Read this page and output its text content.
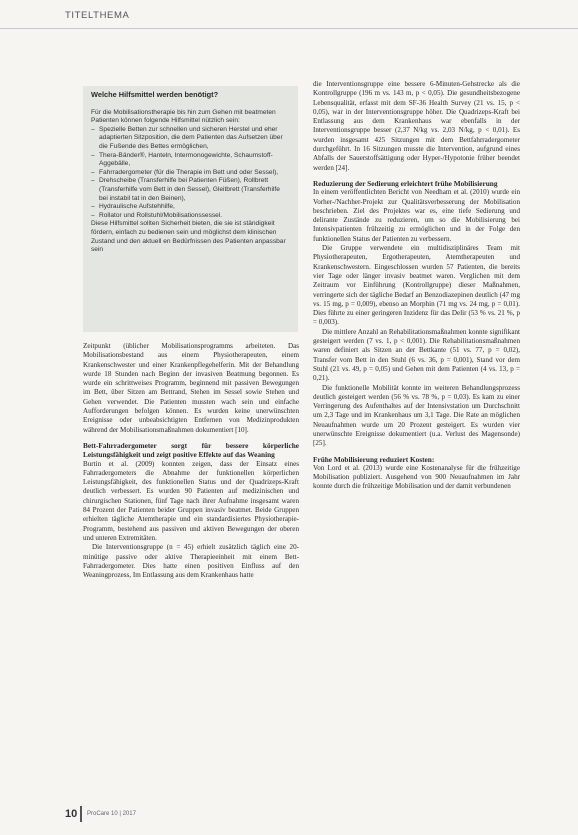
TITELTHEMA
Welche Hilfsmittel werden benötigt?
Für die Mobilisationstherapie bis hin zum Gehen mit beatmeten Patienten können folgende Hilfsmittel nützlich sein:
– Spezielle Betten zur schnellen und sicheren Herstel und eher adaptierten Sitzposition, die dem Patienten das Aufsetzen über die Fußende des Bettes ermöglichen,
– Thera-Bänder®, Hanteln, Intermonogewichte, Schaumstoff-Aggebälle,
– Fahrradergometer (für die Therapie im Bett und oder Sessel),
– Drehscheibe (Transferhilfe bei Patienten Füßen), Rollbrett (Transferhilfe vom Bett in den Sessel), Gleitbrett (Transferhilfe bei instabil tat in den Beinen),
– Hydraulische Aufstehhilfe,
– Rollator und Rollstuhl/Mobilisationssessel.
Diese Hilfsmittel sollten Sicherheit bieten, die sie ist ständigkeit fördern, einfach zu bedienen sein und möglichst dem klinischen Zustand und den aktuell en Bedürfnissen des Patienten anpassbar sein

Zeitpunkt (üblicher Mobilisationsprogramms arbeiteten. Das Mobilisationsbestand aus einem Physiotherapeuten, einem Krankenschwester und einer Krankenpflegehelferin. Mit der Behandlung wurde 18 Stunden nach Beginn der invasiven Beatmung begonnen. Es wurde ein schrittweises Programm, beginnend mit passiven Bewegungen im Bett, über Sitzen am Bettrand, Stehen im Sessel sowie Stehen und Gehen verwendet. Die Patienten mussten wach sein und einfache Aufforderungen befolgen können. Es wurden keine unerwünschten Ereignisse oder unbeabsichtigten Entfernen von Medizinprodukten während der Mobilisationsmaßnahmen dokumentiert [10].

Bett-Fahrradergometer sorgt für bessere körperliche Leistungsfähigkeit und zeigt positive Effekte auf das Weaning

Burtin et al. (2009) konnten zeigen, dass der Einsatz eines Fahrradergometers die Abnahme der funktionellen körperlichen Leistungsfähigkeit, des funktionellen Status und der Quadrizeps-Kraft deutlich verbessert. Es wurden 90 Patienten auf medizinischen und chirurgischen Stationen, fünf Tage nach ihrer Aufnahme insgesamt waren 84 Prozent der Patienten beider Gruppen invasiv beatmet. Beide Gruppen erhielten tägliche Atemtherapie und ein standardisiertes Physiotherapie-Programm, bestehend aus passiven und aktiven Bewegungen der oberen und unteren Extremitäten.

Die Interventionsgruppe (n = 45) erhielt zusätzlich täglich eine 20-minütige passive oder aktive Therapieeinheit mit einem Bett-Fahrradergometer. Dies hatte einen positiven Einfluss auf den Weaningprozess, Im Entlassung aus dem Krankenhaus hatte

die Interventionsgruppe eine bessere 6-Minuten-Gehstrecke als die Kontrollgruppe (196 m vs. 143 m, p < 0,05). Die gesundheitsbezogene Lebensqualität, erfasst mit dem SF-36 Health Survey (21 vs. 15, p < 0,05), war in der Interventionsgruppe höher. Die Quadrizeps-Kraft bei Entlassung aus dem Krankenhaus war ebenfalls in der Interventionsgruppe besser (2,37 N/kg vs. 2,03 N/kg, p < 0,01). Es wurden insgesamt 425 Sitzungen mit dem Bettfahrradergometer durchgeführt. In 16 Sitzungen musste die Intervention, aufgrund eines Abfalls der Sauerstoffsättigung oder Hyper-/Hypotonie früher beendet werden [24].

Reduzierung der Sedierung erleichtert frühe Mobilisierung

In einem veröffentlichten Bericht von Needham et al. (2010) wurde ein Vorher-/Nachher-Projekt zur Qualitätsverbesserung der Mobilisation beschrieben. Ziel des Projektes war es, eine tiefe Sedierung und delirante Zustände zu reduzieren, um so die Mobilisierung bei Intensivpatienten frühzeitig zu ermöglichen und in der Folge den funktionellen Status der Patienten zu verbessern.

Die Gruppe verwendete ein multidisziplinäres Team mit Physiotherapeuten, Ergotherapeuten, Atemtherapeuten und Krankenschwestern. Eingeschlossen wurden 57 Patienten, die bereits vier Tage oder länger invasiv beatmet waren. Verglichen mit dem Zeitraum vor Einführung (Kontrollgruppe) dieser Maßnahmen, verringerte sich der tägliche Bedarf an Benzodiazepinen deutlich (47 mg vs. 15 mg, p = 0,009), ebenso an Morphin (71 mg vs. 24 mg, p = 0,01). Dies führte zu einer geringeren Inzidenz für das Delir (53 % vs. 21 %, p = 0,003).

Die mittlere Anzahl an Rehabilitationsmaßnahmen konnte signifikant gesteigert werden (7 vs. 1, p < 0,001). Die Rehabilitationsmaßnahmen waren definiert als Sitzen an der Bettkante (51 vs. 77, p = 0,02), Transfer vom Bett in den Stuhl (6 vs. 36, p = 0,001), Stand vor dem Stuhl (21 vs. 49, p = 0,05) und Gehen mit dem Patienten (4 vs. 13, p = 0,21).

Die funktionelle Mobilität konnte im weiteren Behandlungsprozess deutlich gesteigert werden (56 % vs. 78 %, p = 0,03). Es kam zu einer Verringerung des Aufenthaltes auf der Intensivstation um Durchschnitt um 2,3 Tage und im Krankenhaus um 3,1 Tage. Die Rate an möglichen Neuaufnahmen wurde um 20 Prozent gesteigert. Es wurden vier unerwünschte Ereignisse dokumentiert (u.a. Verlust des Magensonde) [25].

Frühe Mobilisierung reduziert Kosten:

Von Lord et al. (2013) wurde eine Kostenanalyse für die frühzeitige Mobilisation publiziert. Ausgehend von 900 Neuaufnahmen im Jahr konnte durch die frühzeitige Mobilisation und der damit verbundenen

10 ProCare 10 | 2017
